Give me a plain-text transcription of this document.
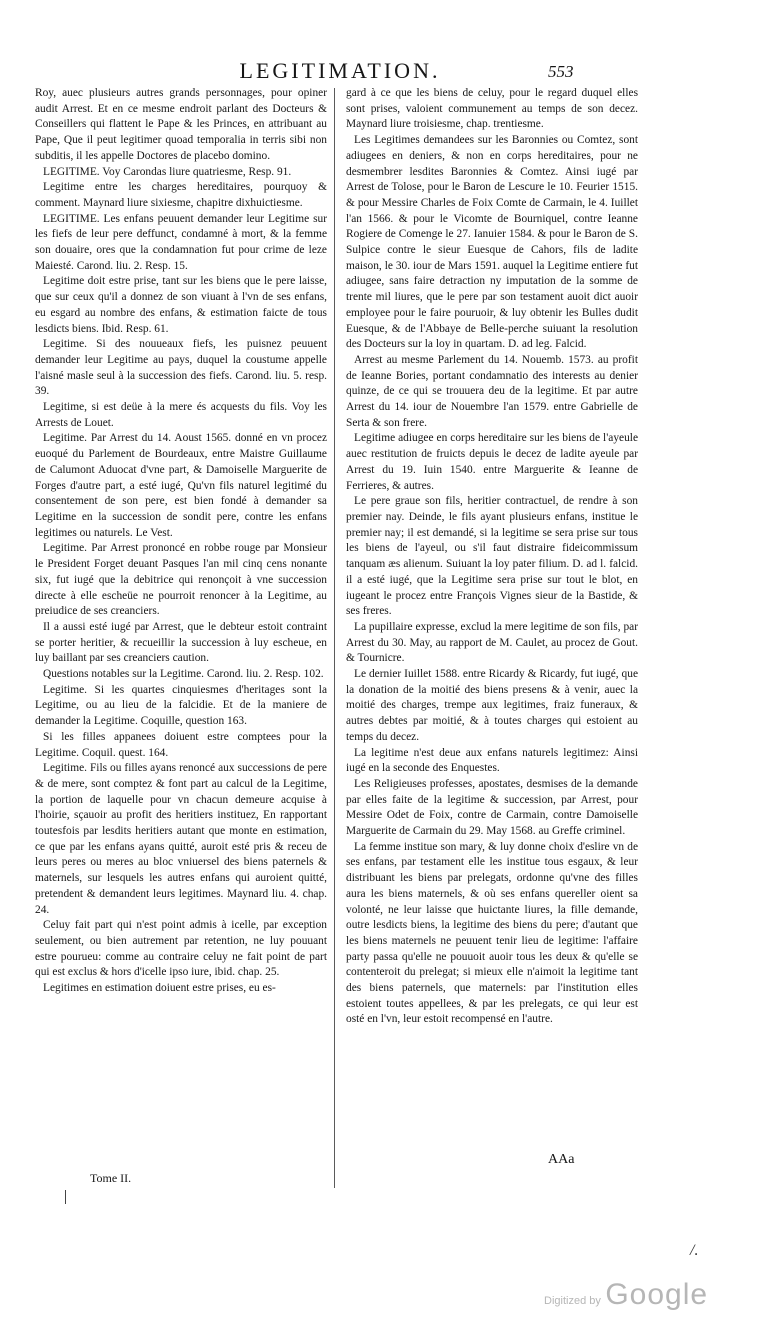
LEGITIMATION.	553

Roy, auec plusieurs autres grands personnages, pour opiner audit Arrest. Et en ce mesme endroit parlant des Docteurs & Conseillers qui flattent le Pape & les Princes, en attribuant au Pape, Que il peut legitimer quoad temporalia in terris sibi non subditis, il les appelle Doctores de placebo domino.

LEGITIME. Voy Carondas liure quatriesme, Resp. 91.

Legitime entre les charges hereditaires, pourquoy & comment. Maynard liure sixiesme, chapitre dixhuictiesme.

LEGITIME. Les enfans peuuent demander leur Legitime sur les fiefs de leur pere deffunct, condamné à mort, & la femme son douaire, ores que la condamnation fut pour crime de leze Maiesté. Carond. liu. 2. Resp. 15.

Legitime doit estre prise, tant sur les biens que le pere laisse, que sur ceux qu'il a donnez de son viuant à l'vn de ses enfans, eu esgard au nombre des enfans, & estimation faicte de tous lesdicts biens. Ibid. Resp. 61.

Legitime. Si des nouueaux fiefs, les puisnez peuuent demander leur Legitime au pays, duquel la coustume appelle l'aisné masle seul à la succession des fiefs. Carond. liu. 5. resp. 39.

Legitime, si est deüe à la mere és acquests du fils. Voy les Arrests de Louet.

Legitime. Par Arrest du 14. Aoust 1565. donné en vn procez euoqué du Parlement de Bourdeaux, entre Maistre Guillaume de Calumont Aduocat d'vne part, & Damoiselle Marguerite de Forges d'autre part, a esté iugé, Qu'vn fils naturel legitimé du consentement de son pere, est bien fondé à demander sa Legitime en la succession de sondit pere, contre les enfans legitimes ou naturels. Le Vest.

Legitime. Par Arrest prononcé en robbe rouge par Monsieur le President Forget deuant Pasques l'an mil cinq cens nonante six, fut iugé que la debitrice qui renonçoit à vne succession directe à elle escheüe ne pourroit renoncer à la Legitime, au preiudice de ses creanciers.

Il a aussi esté iugé par Arrest, que le debteur estoit contraint se porter heritier, & recueillir la succession à luy escheue, en luy baillant par ses creanciers caution.

Questions notables sur la Legitime. Carond. liu. 2. Resp. 102.

Legitime. Si les quartes cinquiesmes d'heritages sont la Legitime, ou au lieu de la falcidie. Et de la maniere de demander la Legitime. Coquille, question 163.

Si les filles appanees doiuent estre comptees pour la Legitime. Coquil. quest. 164.

Legitime. Fils ou filles ayans renoncé aux successions de pere & de mere, sont comptez & font part au calcul de la Legitime, la portion de laquelle pour vn chacun demeure acquise à l'hoirie, sçauoir au profit des heritiers instituez, En rapportant toutesfois par lesdits heritiers autant que monte en estimation, ce que par les enfans ayans quitté, auroit esté pris & receu de leurs peres ou meres au bloc vniuersel des biens paternels & maternels, sur lesquels les autres enfans qui auroient quitté, pretendent & demandent leurs legitimes. Maynard liu. 4. chap. 24.

Celuy fait part qui n'est point admis à icelle, par exception seulement, ou bien autrement par retention, ne luy pouuant estre pourueu: comme au contraire celuy ne fait point de part qui est exclus & hors d'icelle ipso iure, ibid. chap. 25.

Legitimes en estimation doiuent estre prises, eu es-

gard à ce que les biens de celuy, pour le regard duquel elles sont prises, valoient communement au temps de son decez. Maynard liure troisiesme, chap. trentiesme.

Les Legitimes demandees sur les Baronnies ou Comtez, sont adiugees en deniers, & non en corps hereditaires, pour ne desmembrer lesdites Baronnies & Comtez. Ainsi iugé par Arrest de Tolose, pour le Baron de Lescure le 10. Feurier 1515. & pour Messire Charles de Foix Comte de Carmain, le 4. Iuillet l'an 1566. & pour le Vicomte de Bourniquel, contre Ieanne Rogiere de Comenge le 27. Ianuier 1584. & pour le Baron de S. Sulpice contre le sieur Euesque de Cahors, fils de ladite maison, le 30. iour de Mars 1591. auquel la Legitime entiere fut adiugee, sans faire detraction ny imputation de la somme de trente mil liures, que le pere par son testament auoit dict auoir employee pour le faire pouruoir, & luy obtenir les Bulles dudit Euesque, & de l'Abbaye de Belle-perche suiuant la resolution des Docteurs sur la loy in quartam. D. ad leg. Falcid.

Arrest au mesme Parlement du 14. Nouemb. 1573. au profit de Ieanne Bories, portant condamnatio des interests au denier quinze, de ce qui se trouuera deu de la legitime. Et par autre Arrest du 14. iour de Nouembre l'an 1579. entre Gabrielle de Serta & son frere.

Legitime adiugee en corps hereditaire sur les biens de l'ayeule auec restitution de fruicts depuis le decez de ladite ayeule par Arrest du 19. Iuin 1540. entre Marguerite & Ieanne de Ferrieres, & autres.

Le pere graue son fils, heritier contractuel, de rendre à son premier nay. Deinde, le fils ayant plusieurs enfans, institue le premier nay; il est demandé, si la legitime se sera prise sur tous les biens de l'ayeul, ou s'il faut distraire fideicommissum tanquam æs alienum. Suiuant la loy pater filium. D. ad l. falcid. il a esté iugé, que la Legitime sera prise sur tout le blot, en iugeant le procez entre François Vignes sieur de la Bastide, & ses freres.

La pupillaire expresse, exclud la mere legitime de son fils, par Arrest du 30. May, au rapport de M. Caulet, au procez de Gout. & Tournicre.

Le dernier Iuillet 1588. entre Ricardy & Ricardy, fut iugé, que la donation de la moitié des biens presens & à venir, auec la moitié des charges, trempe aux legitimes, fraiz funeraux, & autres debtes par moitié, & à toutes charges qui estoient au temps du decez.

La legitime n'est deue aux enfans naturels legitimez: Ainsi iugé en la seconde des Enquestes.

Les Religieuses professes, apostates, desmises de la demande par elles faite de la legitime & succession, par Arrest, pour Messire Odet de Foix, contre de Carmain, contre Damoiselle Marguerite de Carmain du 29. May 1568. au Greffe criminel.

La femme institue son mary, & luy donne choix d'eslire vn de ses enfans, par testament elle les institue tous esgaux, & leur distribuant les biens par prelegats, ordonne qu'vne des filles aura les biens maternels, & où ses enfans quereller oient sa volonté, ne leur laisse que huictante liures, la fille demande, outre lesdicts biens, la legitime des biens du pere; d'autant que les biens maternels ne peuuent tenir lieu de legitime: l'affaire party passa qu'elle ne pouuoit auoir tous les deux & qu'elle se contenteroit du prelegat; si mieux elle n'aimoit la legitime tant des biens paternels, que maternels: par l'institution elles estoient toutes appellees, & par les prelegats, ce qui leur est osté en l'vn, leur estoit recompensé en l'autre.

AAa
Tome II.
/.
Digitized by Google
